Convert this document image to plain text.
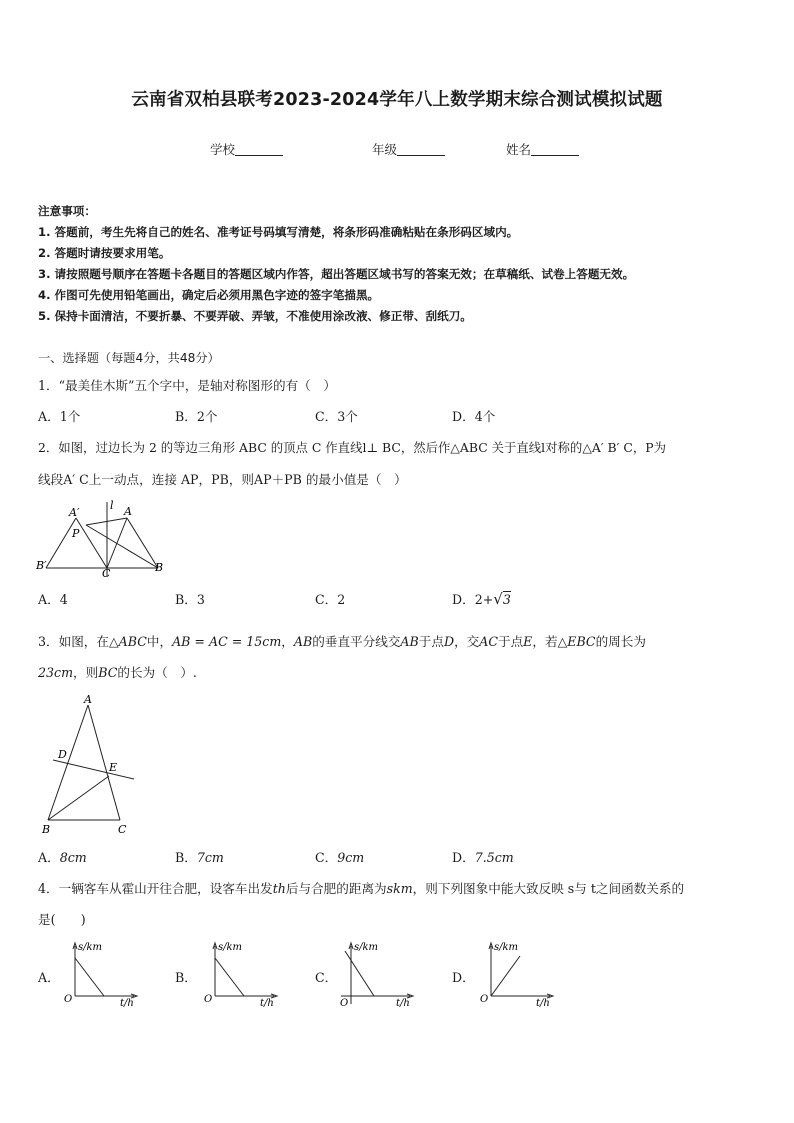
云南省双柏县联考2023-2024学年八上数学期末综合测试模拟试题
学校	年级	姓名
注意事项：
1. 答题前，考生先将自己的姓名、准考证号码填写清楚，将条形码准确粘贴在条形码区域内。
2. 答题时请按要求用笔。
3. 请按照题号顺序在答题卡各题目的答题区域内作答，超出答题区域书写的答案无效；在草稿纸、试卷上答题无效。
4. 作图可先使用铅笔画出，确定后必须用黑色字迹的签字笔描黑。
5. 保持卡面清洁，不要折暴、不要弄破、弄皱，不准使用涂改液、修正带、刮纸刀。
一、选择题（每题4分，共48分）
1．“最美佳木斯”五个字中，是轴对称图形的有（　）
A．1个	B．2个	C．3个	D．4个
2．如图，过边长为 2 的等边三角形 ABC 的顶点 C 作直线l⊥ BC，然后作△ABC 关于直线l对称的△A′ B′ C，P为
线段A′ C上一动点，连接 AP，PB，则AP＋PB 的最小值是（　）
A′
l A
P
B′
C	B
A．4	B．3	C．2	D．2+√3
3．如图，在△ABC中，AB = AC = 15cm，AB的垂直平分线交AB于点D，交AC于点E，若△EBC的周长为
23cm，则BC的长为（　）.
A
D
E
B	C
A．8cm	B．7cm	C．9cm	D．7.5cm
4．一辆客车从霍山开往合肥，设客车出发th后与合肥的距离为skm，则下列图象中能大致反映 s与 t之间函数关系的
是(　　)
A．
s/km
O	t/h
B．
s/km
O	t/h
C．
s/km
O	t/h
D．
s/km
O	t/h
